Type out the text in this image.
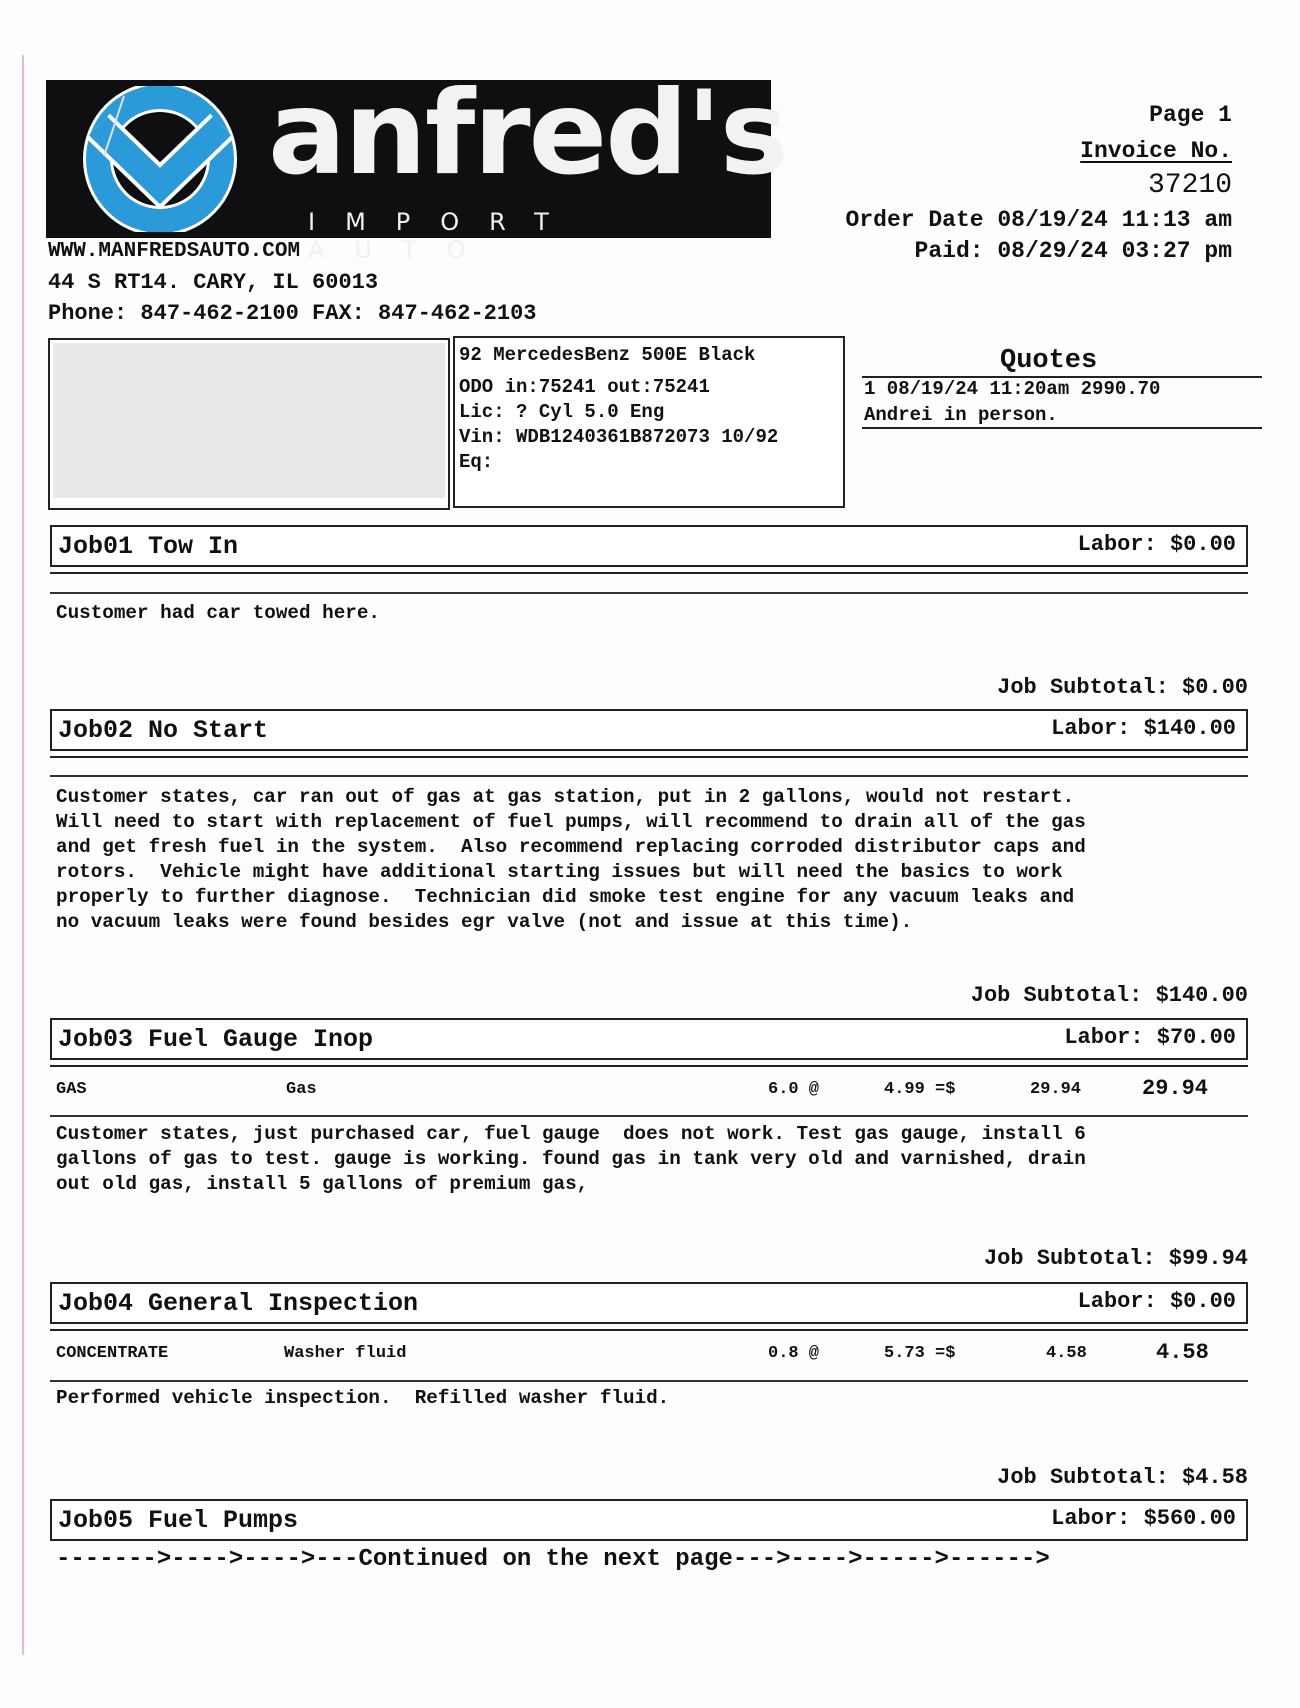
anfred's
IMPORT AUTO
Page 1
Invoice No.
37210
Order Date 08/19/24 11:13 am
Paid: 08/29/24 03:27 pm
WWW.MANFREDSAUTO.COM
44 S RT14. CARY, IL 60013
Phone: 847-462-2100 FAX: 847-462-2103
92 MercedesBenz 500E Black
ODO in:75241 out:75241
Lic: ? Cyl 5.0 Eng
Vin: WDB1240361B872073 10/92
Eq:
Quotes
1 08/19/24 11:20am 2990.70
Andrei in person.
Job01 Tow In	Labor: $0.00
Customer had car towed here.
Job Subtotal: $0.00
Job02 No Start	Labor: $140.00
Customer states, car ran out of gas at gas station, put in 2 gallons, would not restart.
Will need to start with replacement of fuel pumps, will recommend to drain all of the gas
and get fresh fuel in the system.  Also recommend replacing corroded distributor caps and
rotors.  Vehicle might have additional starting issues but will need the basics to work
properly to further diagnose.  Technician did smoke test engine for any vacuum leaks and
no vacuum leaks were found besides egr valve (not and issue at this time).
Job Subtotal: $140.00
Job03 Fuel Gauge Inop	Labor: $70.00
GAS	Gas	6.0 @	4.99 =$	29.94	29.94
Customer states, just purchased car, fuel gauge  does not work. Test gas gauge, install 6
gallons of gas to test. gauge is working. found gas in tank very old and varnished, drain
out old gas, install 5 gallons of premium gas,
Job Subtotal: $99.94
Job04 General Inspection	Labor: $0.00
CONCENTRATE	Washer fluid	0.8 @	5.73 =$	4.58	4.58
Performed vehicle inspection.  Refilled washer fluid.
Job Subtotal: $4.58
Job05 Fuel Pumps	Labor: $560.00
------->---->---->---Continued on the next page--->---->----->------>
